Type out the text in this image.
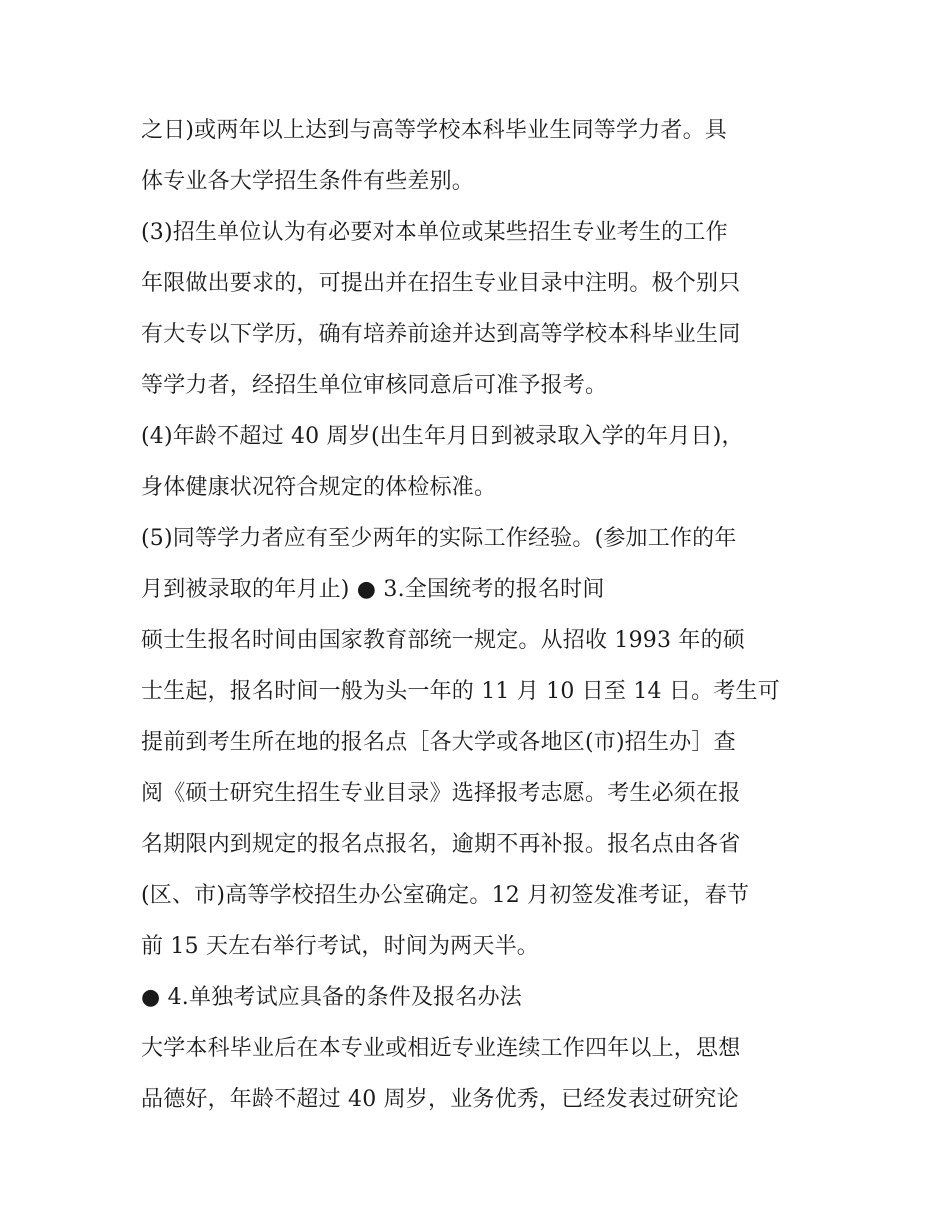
之日)或两年以上达到与高等学校本科毕业生同等学力者。具
体专业各大学招生条件有些差别。
(3)招生单位认为有必要对本单位或某些招生专业考生的工作
年限做出要求的，可提出并在招生专业目录中注明。极个别只
有大专以下学历，确有培养前途并达到高等学校本科毕业生同
等学力者，经招生单位审核同意后可准予报考。
(4)年龄不超过 40 周岁(出生年月日到被录取入学的年月日)，
身体健康状况符合规定的体检标准。
(5)同等学力者应有至少两年的实际工作经验。(参加工作的年
月到被录取的年月止) ● 3.全国统考的报名时间
硕士生报名时间由国家教育部统一规定。从招收 1993 年的硕
士生起，报名时间一般为头一年的 11 月 10 日至 14 日。考生可
提前到考生所在地的报名点［各大学或各地区(市)招生办］查
阅《硕士研究生招生专业目录》选择报考志愿。考生必须在报
名期限内到规定的报名点报名，逾期不再补报。报名点由各省
(区、市)高等学校招生办公室确定。12 月初签发准考证，春节
前 15 天左右举行考试，时间为两天半。
● 4.单独考试应具备的条件及报名办法
大学本科毕业后在本专业或相近专业连续工作四年以上，思想
品德好，年龄不超过 40 周岁，业务优秀，已经发表过研究论
